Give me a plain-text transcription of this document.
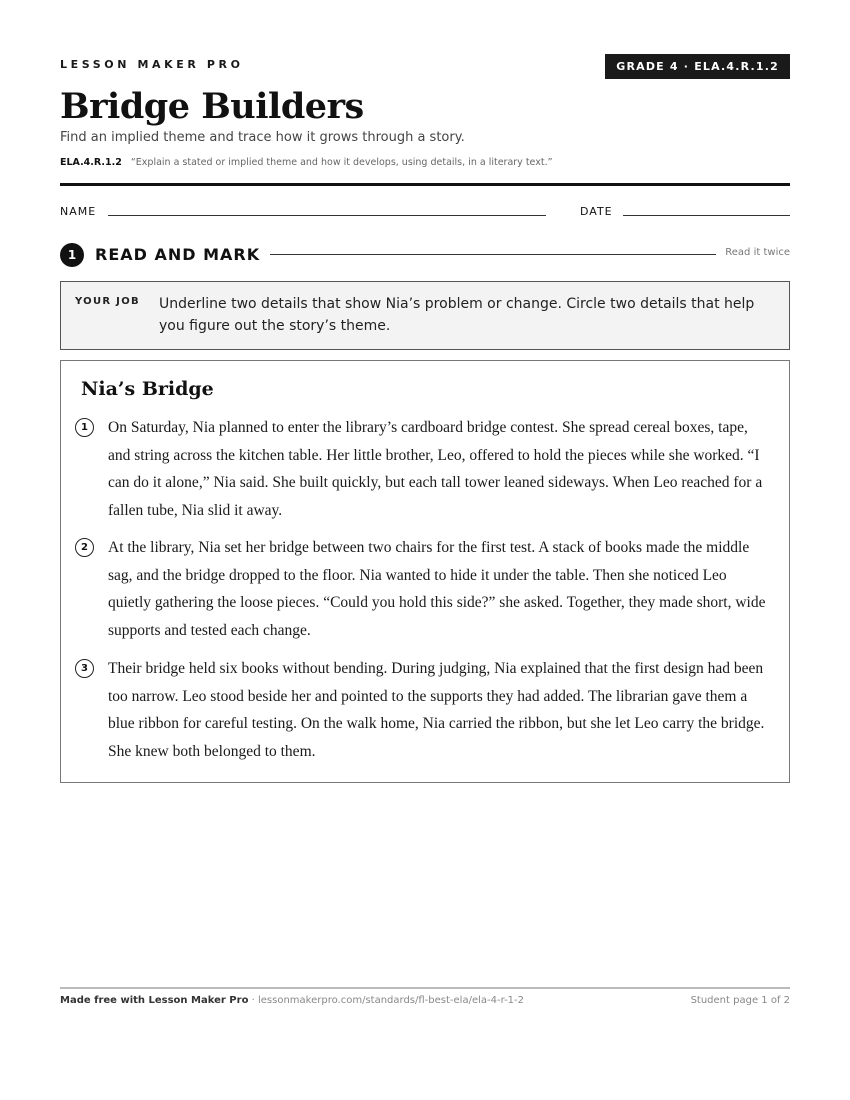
LESSON MAKER PRO	GRADE 4 · ELA.4.R.1.2
Bridge Builders
Find an implied theme and trace how it grows through a story.
ELA.4.R.1.2 “Explain a stated or implied theme and how it develops, using details, in a literary text.”
NAME	DATE
1	READ AND MARK	Read it twice
YOUR JOB Underline two details that show Nia’s problem or change. Circle two details that help you figure out the story’s theme.
Nia’s Bridge
1	On Saturday, Nia planned to enter the library’s cardboard bridge contest. She spread cereal boxes, tape, and string across the kitchen table. Her little brother, Leo, offered to hold the pieces while she worked. “I can do it alone,” Nia said. She built quickly, but each tall tower leaned sideways. When Leo reached for a fallen tube, Nia slid it away.

2	At the library, Nia set her bridge between two chairs for the first test. A stack of books made the middle sag, and the bridge dropped to the floor. Nia wanted to hide it under the table. Then she noticed Leo quietly gathering the loose pieces. “Could you hold this side?” she asked. Together, they made short, wide supports and tested each change.

3	Their bridge held six books without bending. During judging, Nia explained that the first design had been too narrow. Leo stood beside her and pointed to the supports they had added. The librarian gave them a blue ribbon for careful testing. On the walk home, Nia carried the ribbon, but she let Leo carry the bridge. She knew both belonged to them.

Made free with Lesson Maker Pro · lessonmakerpro.com/standards/fl-best-ela/ela-4-r-1-2	Student page 1 of 2
